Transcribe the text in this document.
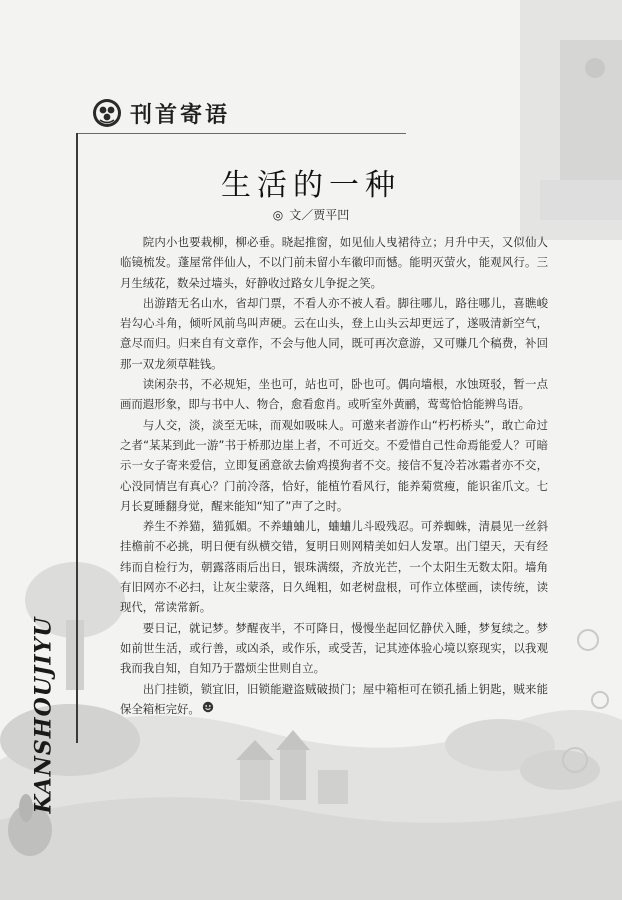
刊首寄语
生活的一种
◎ 文／贾平凹

院内小也要栽柳，柳必垂。晓起推窗，如见仙人曳裙待立；月升中天，又似仙人临镜梳发。蓬屋常伴仙人，不以门前未留小车徽印而憾。能明灭萤火，能观风行。三月生绒花，数朵过墙头，好静收过路女儿争捉之笑。

出游踏无名山水，省却门票，不看人亦不被人看。脚往哪儿，路往哪儿，喜瞧峻岩勾心斗角，倾听风前鸟叫声硬。云在山头，登上山头云却更远了，遂吸清新空气，意尽而归。归来自有文章作，不会与他人同，既可再次意游，又可赚几个稿费，补回那一双龙须草鞋钱。

读闲杂书，不必规矩，坐也可，站也可，卧也可。偶向墙根，水蚀斑驳，暂一点画而遐形象，即与书中人、物合，愈看愈肖。或听室外黄鹂，莺莺恰恰能辨鸟语。

与人交，淡，淡至无味，而观如吸味人。可邀来者游作山“朽朽桥头”，敢亡命过之者“某某到此一游”书于桥那边崖上者，不可近交。不爱惜自己性命焉能爱人？可暗示一女子寄来爱信，立即复函意欲去偷鸡摸狗者不交。接信不复冷若冰霜者亦不交，心没同情岂有真心？门前冷落，恰好，能植竹看风行，能养菊赏瘦，能识雀爪文。七月长夏睡翻身觉，醒来能知“知了”声了之时。

养生不养猫，猫狐媚。不养蛐蛐儿，蛐蛐儿斗殴残忍。可养蜘蛛，清晨见一丝斜挂檐前不必挑，明日便有纵横交错，复明日则网精美如妇人发罩。出门望天，天有经纬而自检行为，朝露落雨后出日，银珠满缀，齐放光芒，一个太阳生无数太阳。墙角有旧网亦不必扫，让灰尘蒙落，日久绳粗，如老树盘根，可作立体壁画，读传统，读现代，常读常新。

要日记，就记梦。梦醒夜半，不可降日，慢慢坐起回忆静伏入睡，梦复续之。梦如前世生活，或行善，或凶杀，或作乐，或受苦，记其迹体验心境以察现实，以我观我而我自知，自知乃于嚣烦尘世则自立。

出门挂锁，锁宜旧，旧锁能避盗贼破损门；屋中箱柜可在锁孔插上钥匙，贼来能保全箱柜完好。

KANSHOUJIYU
